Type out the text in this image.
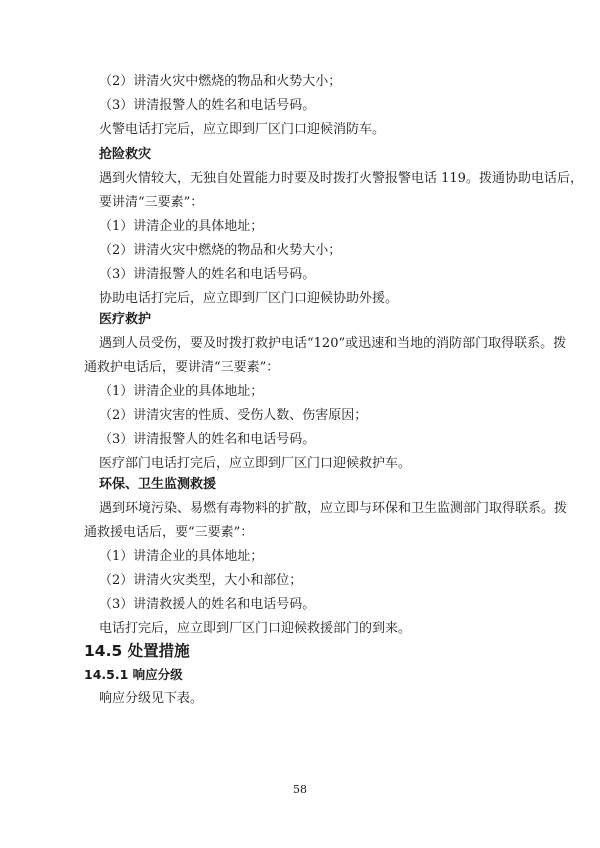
（2）讲清火灾中燃烧的物品和火势大小；
（3）讲清报警人的姓名和电话号码。
火警电话打完后，应立即到厂区门口迎候消防车。
抢险救灾
遇到火情较大，无独自处置能力时要及时拨打火警报警电话 119。拨通协助电话后，
要讲清“三要素”：
（1）讲清企业的具体地址；
（2）讲清火灾中燃烧的物品和火势大小；
（3）讲清报警人的姓名和电话号码。
协助电话打完后，应立即到厂区门口迎候协助外援。
医疗救护
遇到人员受伤，要及时拨打救护电话“120”或迅速和当地的消防部门取得联系。拨
通救护电话后，要讲清“三要素”：
（1）讲清企业的具体地址；
（2）讲清灾害的性质、受伤人数、伤害原因；
（3）讲清报警人的姓名和电话号码。
医疗部门电话打完后，应立即到厂区门口迎候救护车。
环保、卫生监测救援
遇到环境污染、易燃有毒物料的扩散，应立即与环保和卫生监测部门取得联系。拨
通救援电话后，要“三要素”：
（1）讲清企业的具体地址；
（2）讲清火灾类型，大小和部位；
（3）讲清救援人的姓名和电话号码。
电话打完后，应立即到厂区门口迎候救援部门的到来。
14.5 处置措施
14.5.1 响应分级
响应分级见下表。
58
